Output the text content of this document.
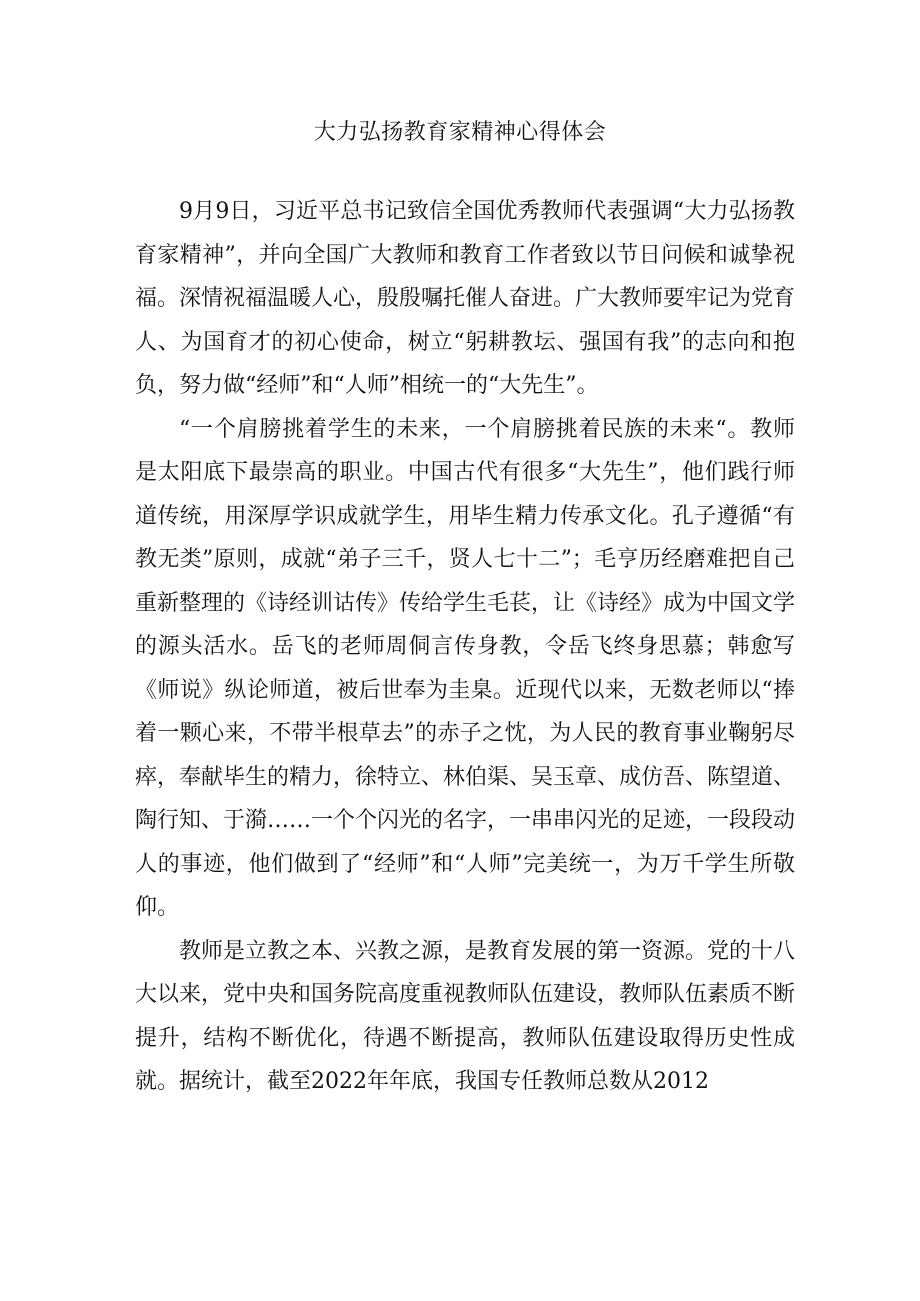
大力弘扬教育家精神心得体会

9月9日，习近平总书记致信全国优秀教师代表强调“大力弘扬教育家精神”，并向全国广大教师和教育工作者致以节日问候和诚挚祝福。深情祝福温暖人心，殷殷嘱托催人奋进。广大教师要牢记为党育人、为国育才的初心使命，树立“躬耕教坛、强国有我”的志向和抱负，努力做“经师”和“人师”相统一的“大先生”。

“一个肩膀挑着学生的未来，一个肩膀挑着民族的未来“。教师是太阳底下最崇高的职业。中国古代有很多“大先生”，他们践行师道传统，用深厚学识成就学生，用毕生精力传承文化。孔子遵循“有教无类”原则，成就“弟子三千，贤人七十二”；毛亨历经磨难把自己重新整理的《诗经训诂传》传给学生毛苌，让《诗经》成为中国文学的源头活水。岳飞的老师周侗言传身教，令岳飞终身思慕；韩愈写《师说》纵论师道，被后世奉为圭臬。近现代以来，无数老师以“捧着一颗心来，不带半根草去”的赤子之忱，为人民的教育事业鞠躬尽瘁，奉献毕生的精力，徐特立、林伯渠、吴玉章、成仿吾、陈望道、陶行知、于漪……一个个闪光的名字，一串串闪光的足迹，一段段动人的事迹，他们做到了“经师”和“人师”完美统一，为万千学生所敬仰。

教师是立教之本、兴教之源，是教育发展的第一资源。党的十八大以来，党中央和国务院高度重视教师队伍建设，教师队伍素质不断提升，结构不断优化，待遇不断提高，教师队伍建设取得历史性成就。据统计，截至2022年年底，我国专任教师总数从2012
